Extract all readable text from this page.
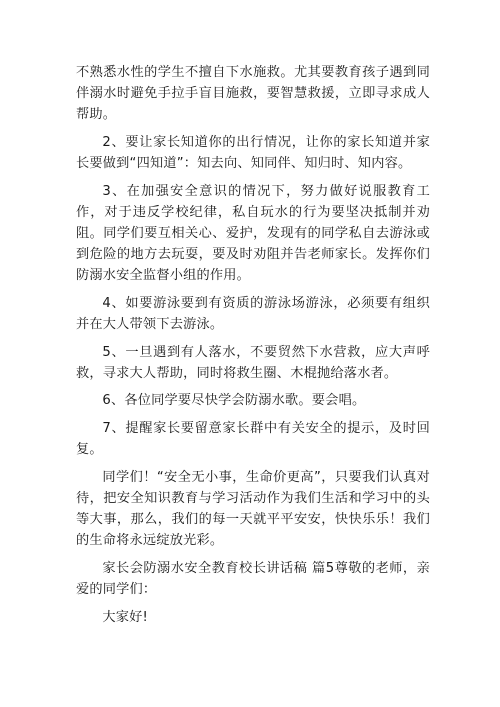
不熟悉水性的学生不擅自下水施救。尤其要教育孩子遇到同伴溺水时避免手拉手盲目施救，要智慧救援，立即寻求成人帮助。

2、要让家长知道你的出行情况，让你的家长知道并家长要做到“四知道”：知去向、知同伴、知归时、知内容。

3、在加强安全意识的情况下，努力做好说服教育工作，对于违反学校纪律，私自玩水的行为要坚决抵制并劝阻。同学们要互相关心、爱护，发现有的同学私自去游泳或到危险的地方去玩耍，要及时劝阻并告老师家长。发挥你们防溺水安全监督小组的作用。

4、如要游泳要到有资质的游泳场游泳，必须要有组织并在大人带领下去游泳。

5、一旦遇到有人落水，不要贸然下水营救，应大声呼救，寻求大人帮助，同时将救生圈、木棍抛给落水者。

6、各位同学要尽快学会防溺水歌。要会唱。

7、提醒家长要留意家长群中有关安全的提示，及时回复。

同学们！“安全无小事，生命价更高”，只要我们认真对待，把安全知识教育与学习活动作为我们生活和学习中的头等大事，那么，我们的每一天就平平安安，快快乐乐！我们的生命将永远绽放光彩。

家长会防溺水安全教育校长讲话稿 篇5尊敬的老师，亲爱的同学们：

大家好!
